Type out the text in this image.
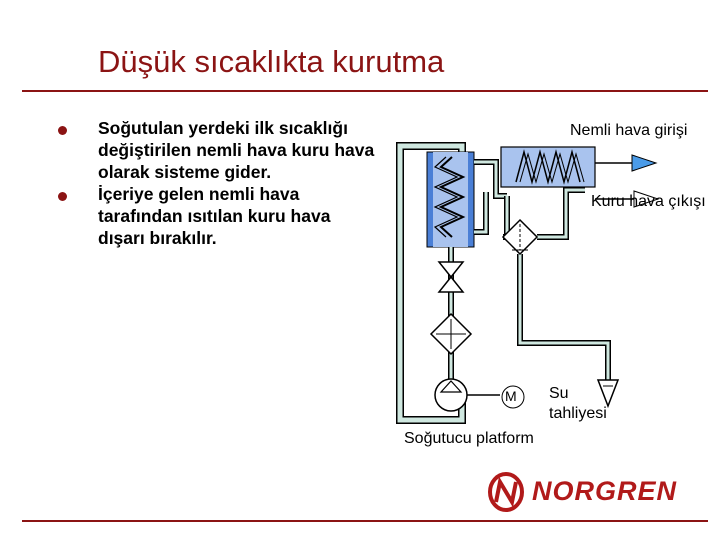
Düşük sıcaklıkta kurutma
Soğutulan yerdeki ilk sıcaklığı değiştirilen nemli hava kuru hava olarak sisteme gider.
İçeriye gelen nemli hava tarafından ısıtılan kuru hava dışarı bırakılır.
Nemli hava girişi
Kuru hava çıkışı
Su
tahliyesi
Soğutucu platform
M
NORGREN
